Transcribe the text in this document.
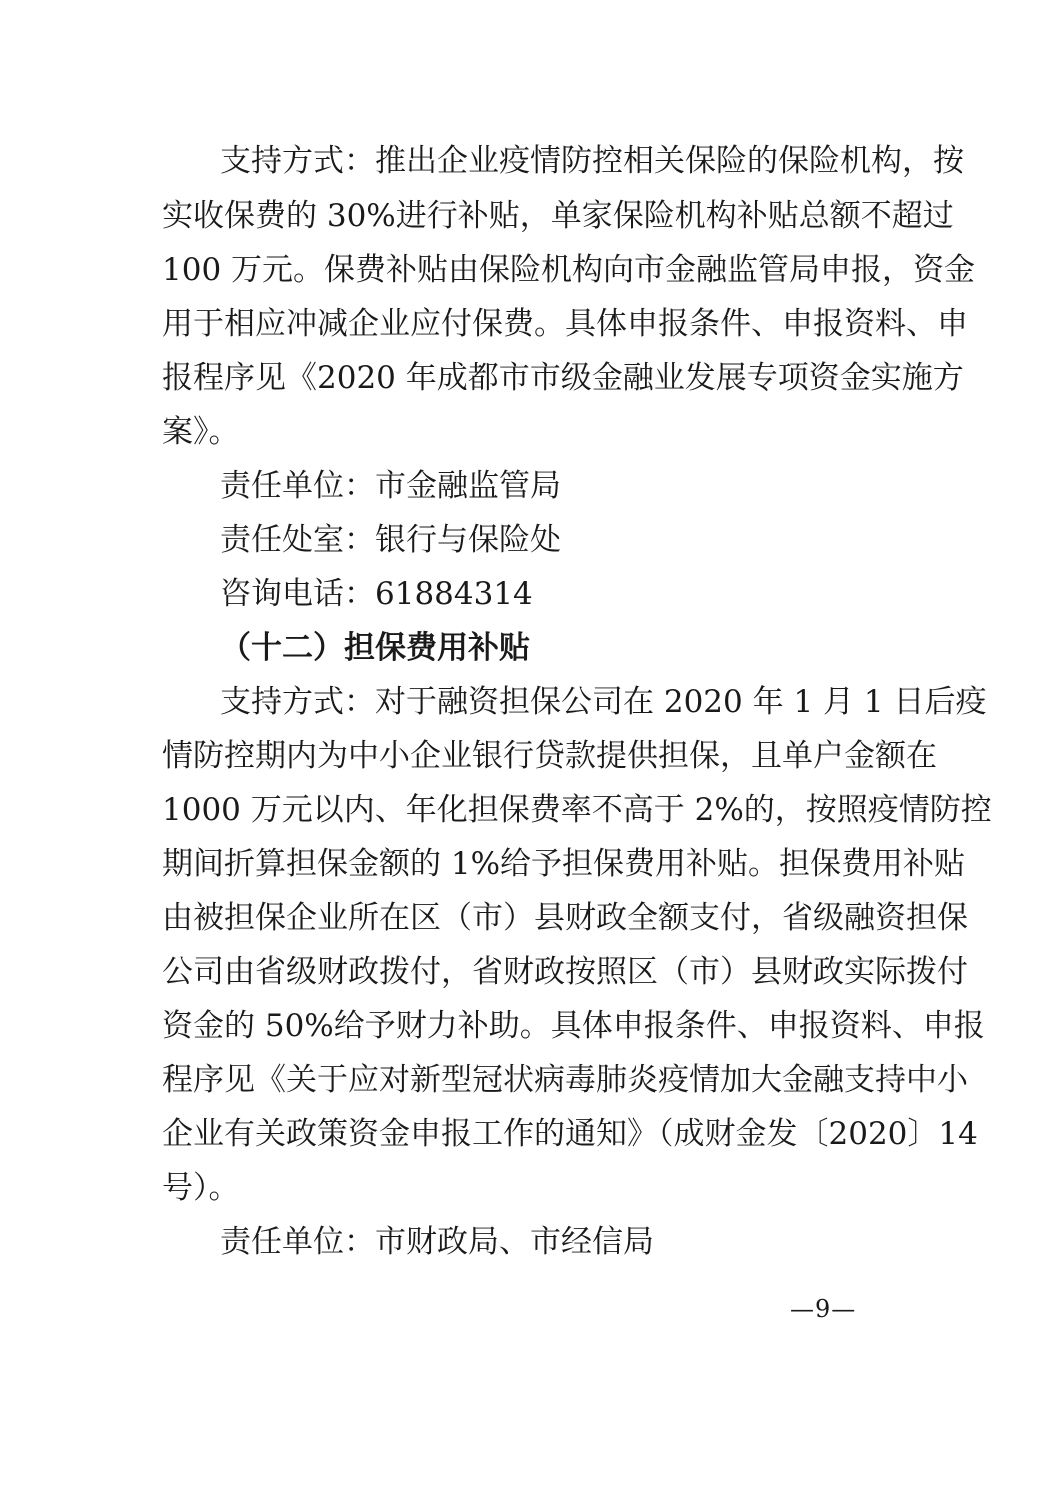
支持方式：推出企业疫情防控相关保险的保险机构，按
实收保费的 30%进行补贴，单家保险机构补贴总额不超过
100 万元。保费补贴由保险机构向市金融监管局申报，资金
用于相应冲减企业应付保费。具体申报条件、申报资料、申
报程序见《2020 年成都市市级金融业发展专项资金实施方
案》。
责任单位：市金融监管局
责任处室：银行与保险处
咨询电话：61884314
（十二）担保费用补贴
支持方式：对于融资担保公司在 2020 年 1 月 1 日后疫
情防控期内为中小企业银行贷款提供担保，且单户金额在
1000 万元以内、年化担保费率不高于 2%的，按照疫情防控
期间折算担保金额的 1%给予担保费用补贴。担保费用补贴
由被担保企业所在区（市）县财政全额支付，省级融资担保
公司由省级财政拨付，省财政按照区（市）县财政实际拨付
资金的 50%给予财力补助。具体申报条件、申报资料、申报
程序见《关于应对新型冠状病毒肺炎疫情加大金融支持中小
企业有关政策资金申报工作的通知》（成财金发〔2020〕14
号）。
责任单位：市财政局、市经信局
—9—
